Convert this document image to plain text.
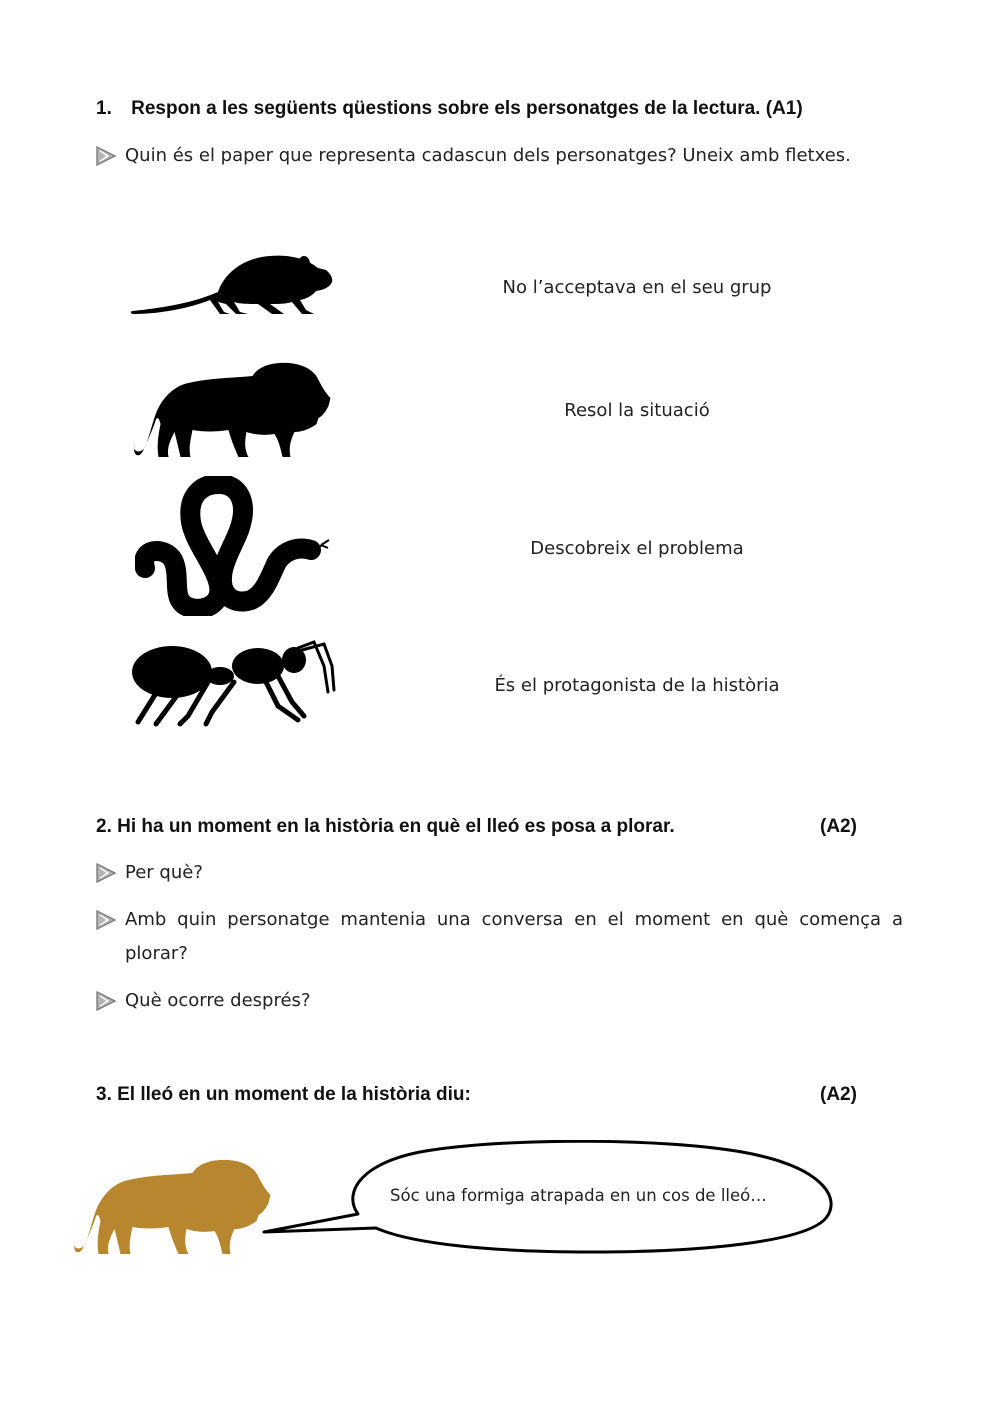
1. Respon a les següents qüestions sobre els personatges de la lectura. (A1)
Quin és el paper que representa cadascun dels personatges? Uneix amb fletxes.
No l’acceptava en el seu grup
Resol la situació
Descobreix el problema
És el protagonista de la història
2. Hi ha un moment en la història en què el lleó es posa a plorar.	(A2)
Per què?
Amb quin personatge mantenia una conversa en el moment en què comença a plorar?
Què ocorre després?
3. El lleó en un moment de la història diu:	(A2)
Sóc una formiga atrapada en un cos de lleó…
